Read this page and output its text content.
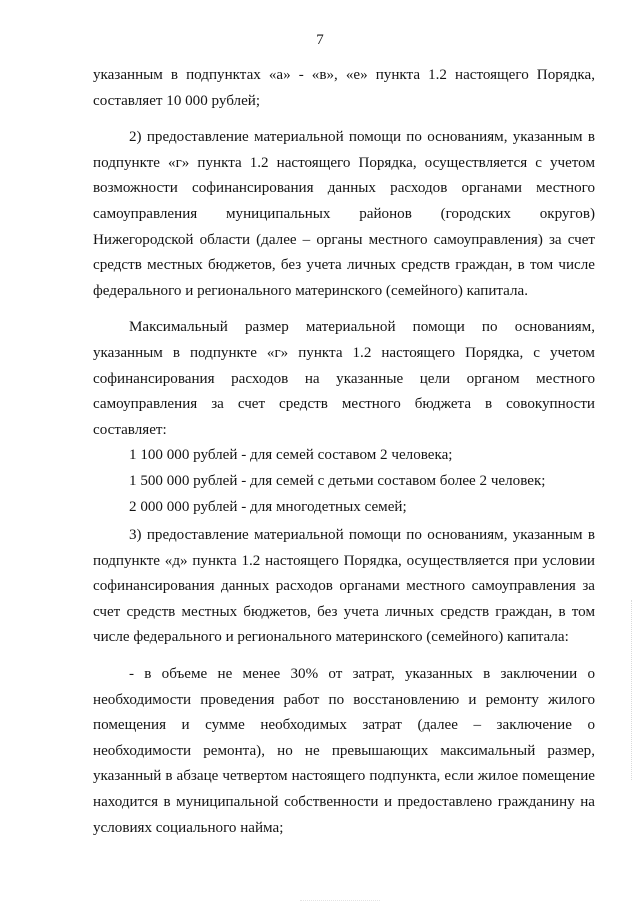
7

указанным в подпунктах «а» - «в», «е» пункта 1.2 настоящего Порядка, составляет 10 000 рублей;

2) предоставление материальной помощи по основаниям, указанным в подпункте «г» пункта 1.2 настоящего Порядка, осуществляется с учетом возможности софинансирования данных расходов органами местного самоуправления муниципальных районов (городских округов) Нижегородской области (далее – органы местного самоуправления) за счет средств местных бюджетов, без учета личных средств граждан, в том числе федерального и регионального материнского (семейного) капитала.

Максимальный размер материальной помощи по основаниям, указанным в подпункте «г» пункта 1.2 настоящего Порядка, с учетом софинансирования расходов на указанные цели органом местного самоуправления за счет средств местного бюджета в совокупности составляет:

1 100 000 рублей - для семей составом 2 человека;

1 500 000 рублей - для семей с детьми составом более 2 человек;

2 000 000 рублей - для многодетных семей;

3) предоставление материальной помощи по основаниям, указанным в подпункте «д» пункта 1.2 настоящего Порядка, осуществляется при условии софинансирования данных расходов органами местного самоуправления за счет средств местных бюджетов, без учета личных средств граждан, в том числе федерального и регионального материнского (семейного) капитала:

- в объеме не менее 30% от затрат, указанных в заключении о необходимости проведения работ по восстановлению и ремонту жилого помещения и сумме необходимых затрат (далее – заключение о необходимости ремонта), но не превышающих максимальный размер, указанный в абзаце четвертом настоящего подпункта, если жилое помещение находится в муниципальной собственности и предоставлено гражданину на условиях социального найма;
